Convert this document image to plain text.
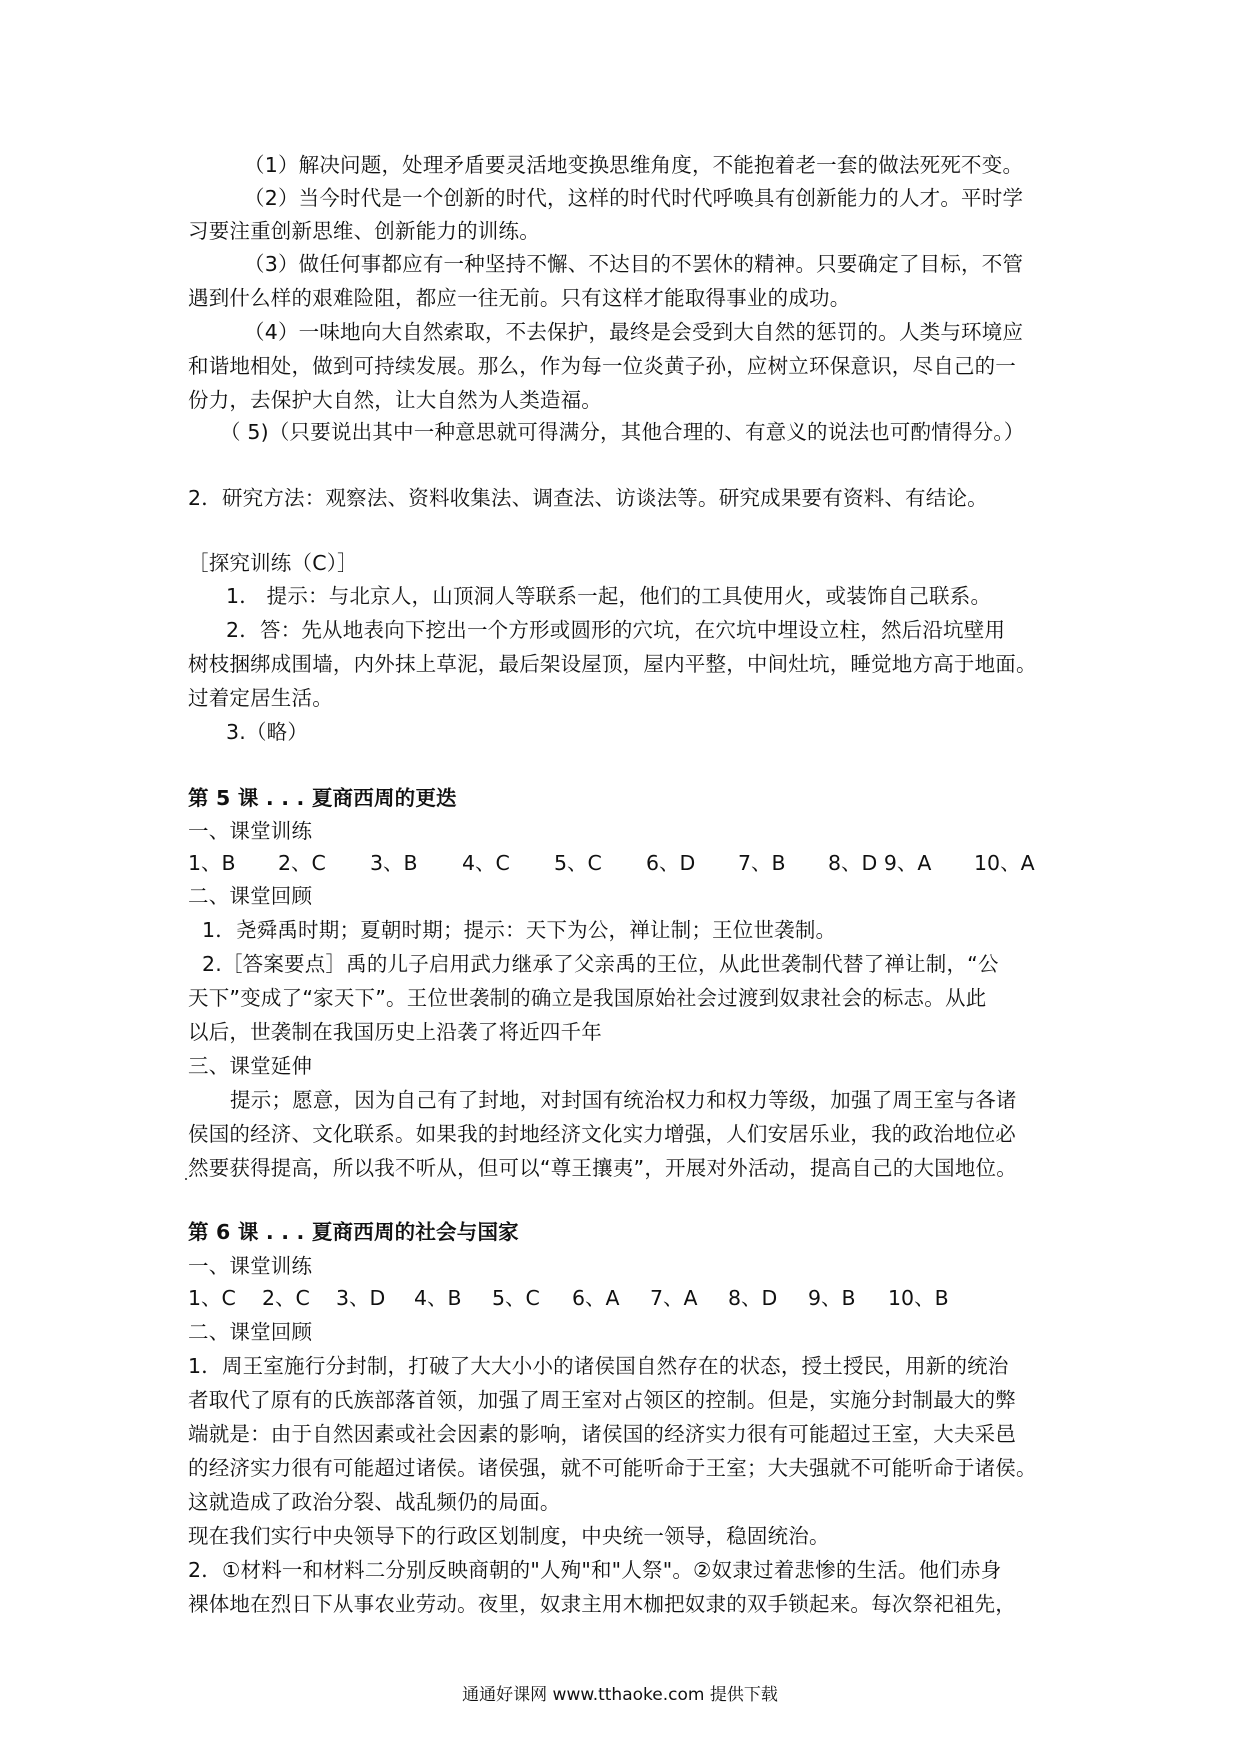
（1）解决问题，处理矛盾要灵活地变换思维角度，不能抱着老一套的做法死死不变。
（2）当今时代是一个创新的时代，这样的时代时代呼唤具有创新能力的人才。平时学
习要注重创新思维、创新能力的训练。
（3）做任何事都应有一种坚持不懈、不达目的不罢休的精神。只要确定了目标，不管
遇到什么样的艰难险阻，都应一往无前。只有这样才能取得事业的成功。
（4）一味地向大自然索取，不去保护，最终是会受到大自然的惩罚的。人类与环境应
和谐地相处，做到可持续发展。那么，作为每一位炎黄子孙，应树立环保意识，尽自己的一
份力，去保护大自然，让大自然为人类造福。
（ 5)（只要说出其中一种意思就可得满分，其他合理的、有意义的说法也可酌情得分。）
2．研究方法：观察法、资料收集法、调查法、访谈法等。研究成果要有资料、有结论。
［探究训练（C）］
1． 提示：与北京人，山顶洞人等联系一起，他们的工具使用火，或装饰自己联系。
2．答：先从地表向下挖出一个方形或圆形的穴坑，在穴坑中埋设立柱，然后沿坑壁用
树枝捆绑成围墙，内外抹上草泥，最后架设屋顶，屋内平整，中间灶坑，睡觉地方高于地面。
过着定居生活。
3.（略）
第 5 课 . . . 夏商西周的更迭
一、课堂训练
1、B 2、C 3、B 4、C 5、C 6、D 7、B 8、D 9、A 10、A
二、课堂回顾
1．尧舜禹时期；夏朝时期；提示：天下为公，禅让制；王位世袭制。
2.［答案要点］禹的儿子启用武力继承了父亲禹的王位，从此世袭制代替了禅让制，“公
天下”变成了“家天下”。王位世袭制的确立是我国原始社会过渡到奴隶社会的标志。从此
以后，世袭制在我国历史上沿袭了将近四千年
三、课堂延伸
提示；愿意，因为自己有了封地，对封国有统治权力和权力等级，加强了周王室与各诸
侯国的经济、文化联系。如果我的封地经济文化实力增强，人们安居乐业，我的政治地位必
然要获得提高，所以我不听从，但可以“尊王攘夷”，开展对外活动，提高自己的大国地位。
第 6 课 . . . 夏商西周的社会与国家
一、课堂训练
1、C 2、C 3、D 4、B 5、C 6、A 7、A 8、D 9、B 10、B
二、课堂回顾
1．周王室施行分封制，打破了大大小小的诸侯国自然存在的状态，授土授民，用新的统治
者取代了原有的氏族部落首领，加强了周王室对占领区的控制。但是，实施分封制最大的弊
端就是：由于自然因素或社会因素的影响，诸侯国的经济实力很有可能超过王室，大夫采邑
的经济实力很有可能超过诸侯。诸侯强，就不可能听命于王室；大夫强就不可能听命于诸侯。
这就造成了政治分裂、战乱频仍的局面。
现在我们实行中央领导下的行政区划制度，中央统一领导，稳固统治。
2．①材料一和材料二分别反映商朝的"人殉"和"人祭"。②奴隶过着悲惨的生活。他们赤身
裸体地在烈日下从事农业劳动。夜里，奴隶主用木枷把奴隶的双手锁起来。每次祭祀祖先，
通通好课网 www.tthaoke.com 提供下载
